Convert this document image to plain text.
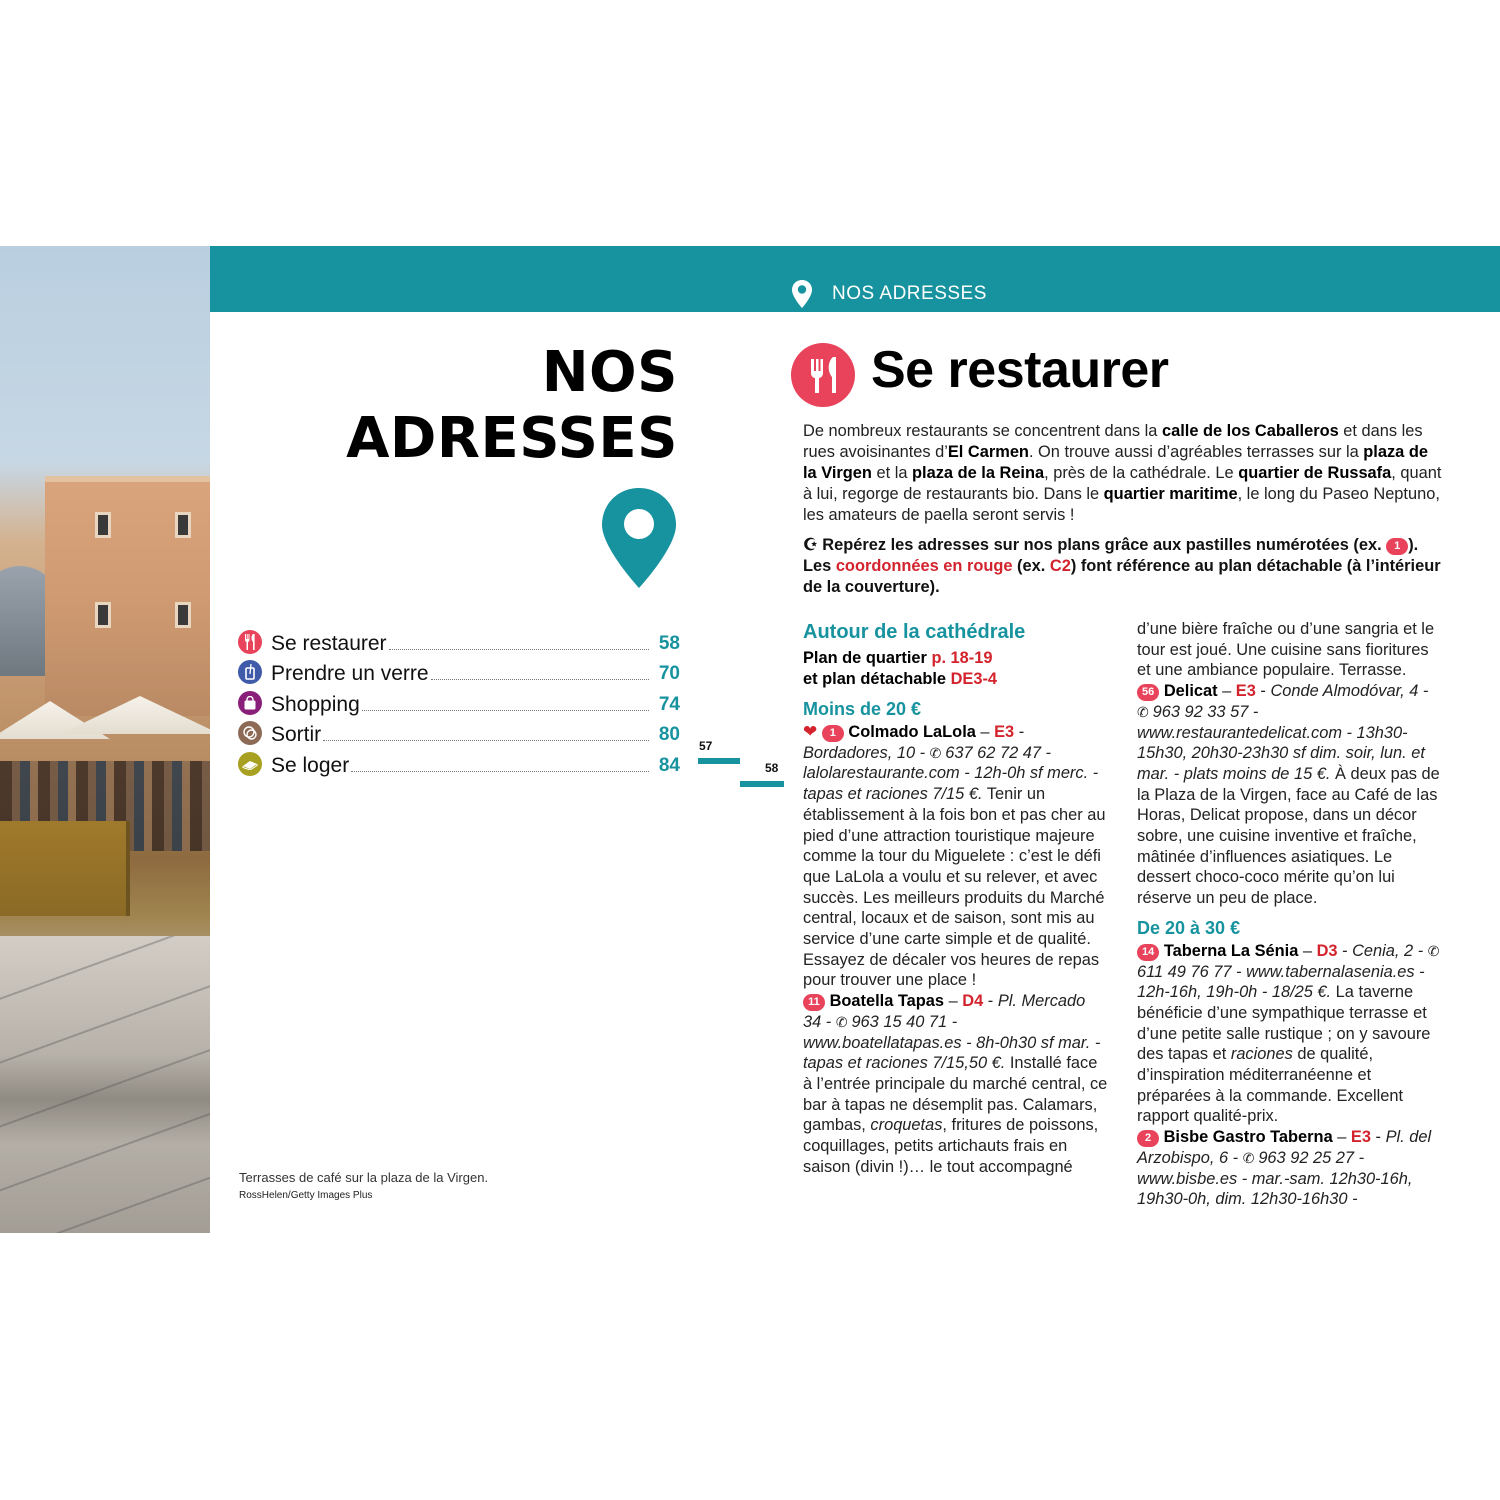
NOS
ADRESSES
Se restaurer	58
Prendre un verre	70
Shopping	74
Sortir	80
Se loger	84
Terrasses de café sur la plaza de la Virgen.
RossHelen/Getty Images Plus
57
58
NOS ADRESSES
Se restaurer

De nombreux restaurants se concentrent dans la calle de los Caballeros et dans les rues avoisinantes d’El Carmen. On trouve aussi d’agréables terrasses sur la plaza de la Virgen et la plaza de la Reina, près de la cathédrale. Le quartier de Russafa, quant à lui, regorge de restaurants bio. Dans le quartier maritime, le long du Paseo Neptuno, les amateurs de paella seront servis !

☪︎ Repérez les adresses sur nos plans grâce aux pastilles numérotées (ex. 1 ). Les coordonnées en rouge (ex. C2) font référence au plan détachable (à l’intérieur de la couverture).

Autour de la cathédrale
Plan de quartier p. 18-19
et plan détachable DE3-4
Moins de 20 €
❤ 1 Colmado LaLola – E3 - Bordadores, 10 - ✆ 637 62 72 47 - lalolarestaurante.com - 12h-0h sf merc. - tapas et raciones 7/15 €. Tenir un établissement à la fois bon et pas cher au pied d’une attraction touristique majeure comme la tour du Miguelete : c’est le défi que LaLola a voulu et su relever, et avec succès. Les meilleurs produits du Marché central, locaux et de saison, sont mis au service d’une carte simple et de qualité. Essayez de décaler vos heures de repas pour trouver une place !
11 Boatella Tapas – D4 - Pl. Mercado 34 - ✆ 963 15 40 71 - www.boatellatapas.es - 8h-0h30 sf mar. - tapas et raciones 7/15,50 €. Installé face à l’entrée principale du marché central, ce bar à tapas ne désemplit pas. Calamars, gambas, croquetas, fritures de poissons, coquillages, petits artichauts frais en saison (divin !)… le tout accompagné
d’une bière fraîche ou d’une sangria et le tour est joué. Une cuisine sans fioritures et une ambiance populaire. Terrasse.
56 Delicat – E3 - Conde Almodóvar, 4 - ✆ 963 92 33 57 - www.restaurantedelicat.com - 13h30-15h30, 20h30-23h30 sf dim. soir, lun. et mar. - plats moins de 15 €. À deux pas de la Plaza de la Virgen, face au Café de las Horas, Delicat propose, dans un décor sobre, une cuisine inventive et fraîche, mâtinée d’influences asiatiques. Le dessert choco-coco mérite qu’on lui réserve un peu de place.
De 20 à 30 €
14 Taberna La Sénia – D3 - Cenia, 2 - ✆ 611 49 76 77 - www.tabernalasenia.es - 12h-16h, 19h-0h - 18/25 €. La taverne bénéficie d’une sympathique terrasse et d’une petite salle rustique ; on y savoure des tapas et raciones de qualité, d’inspiration méditerranéenne et préparées à la commande. Excellent rapport qualité-prix.
2 Bisbe Gastro Taberna – E3 - Pl. del Arzobispo, 6 - ✆ 963 92 25 27 - www.bisbe.es - mar.-sam. 12h30-16h, 19h30-0h, dim. 12h30-16h30 -
